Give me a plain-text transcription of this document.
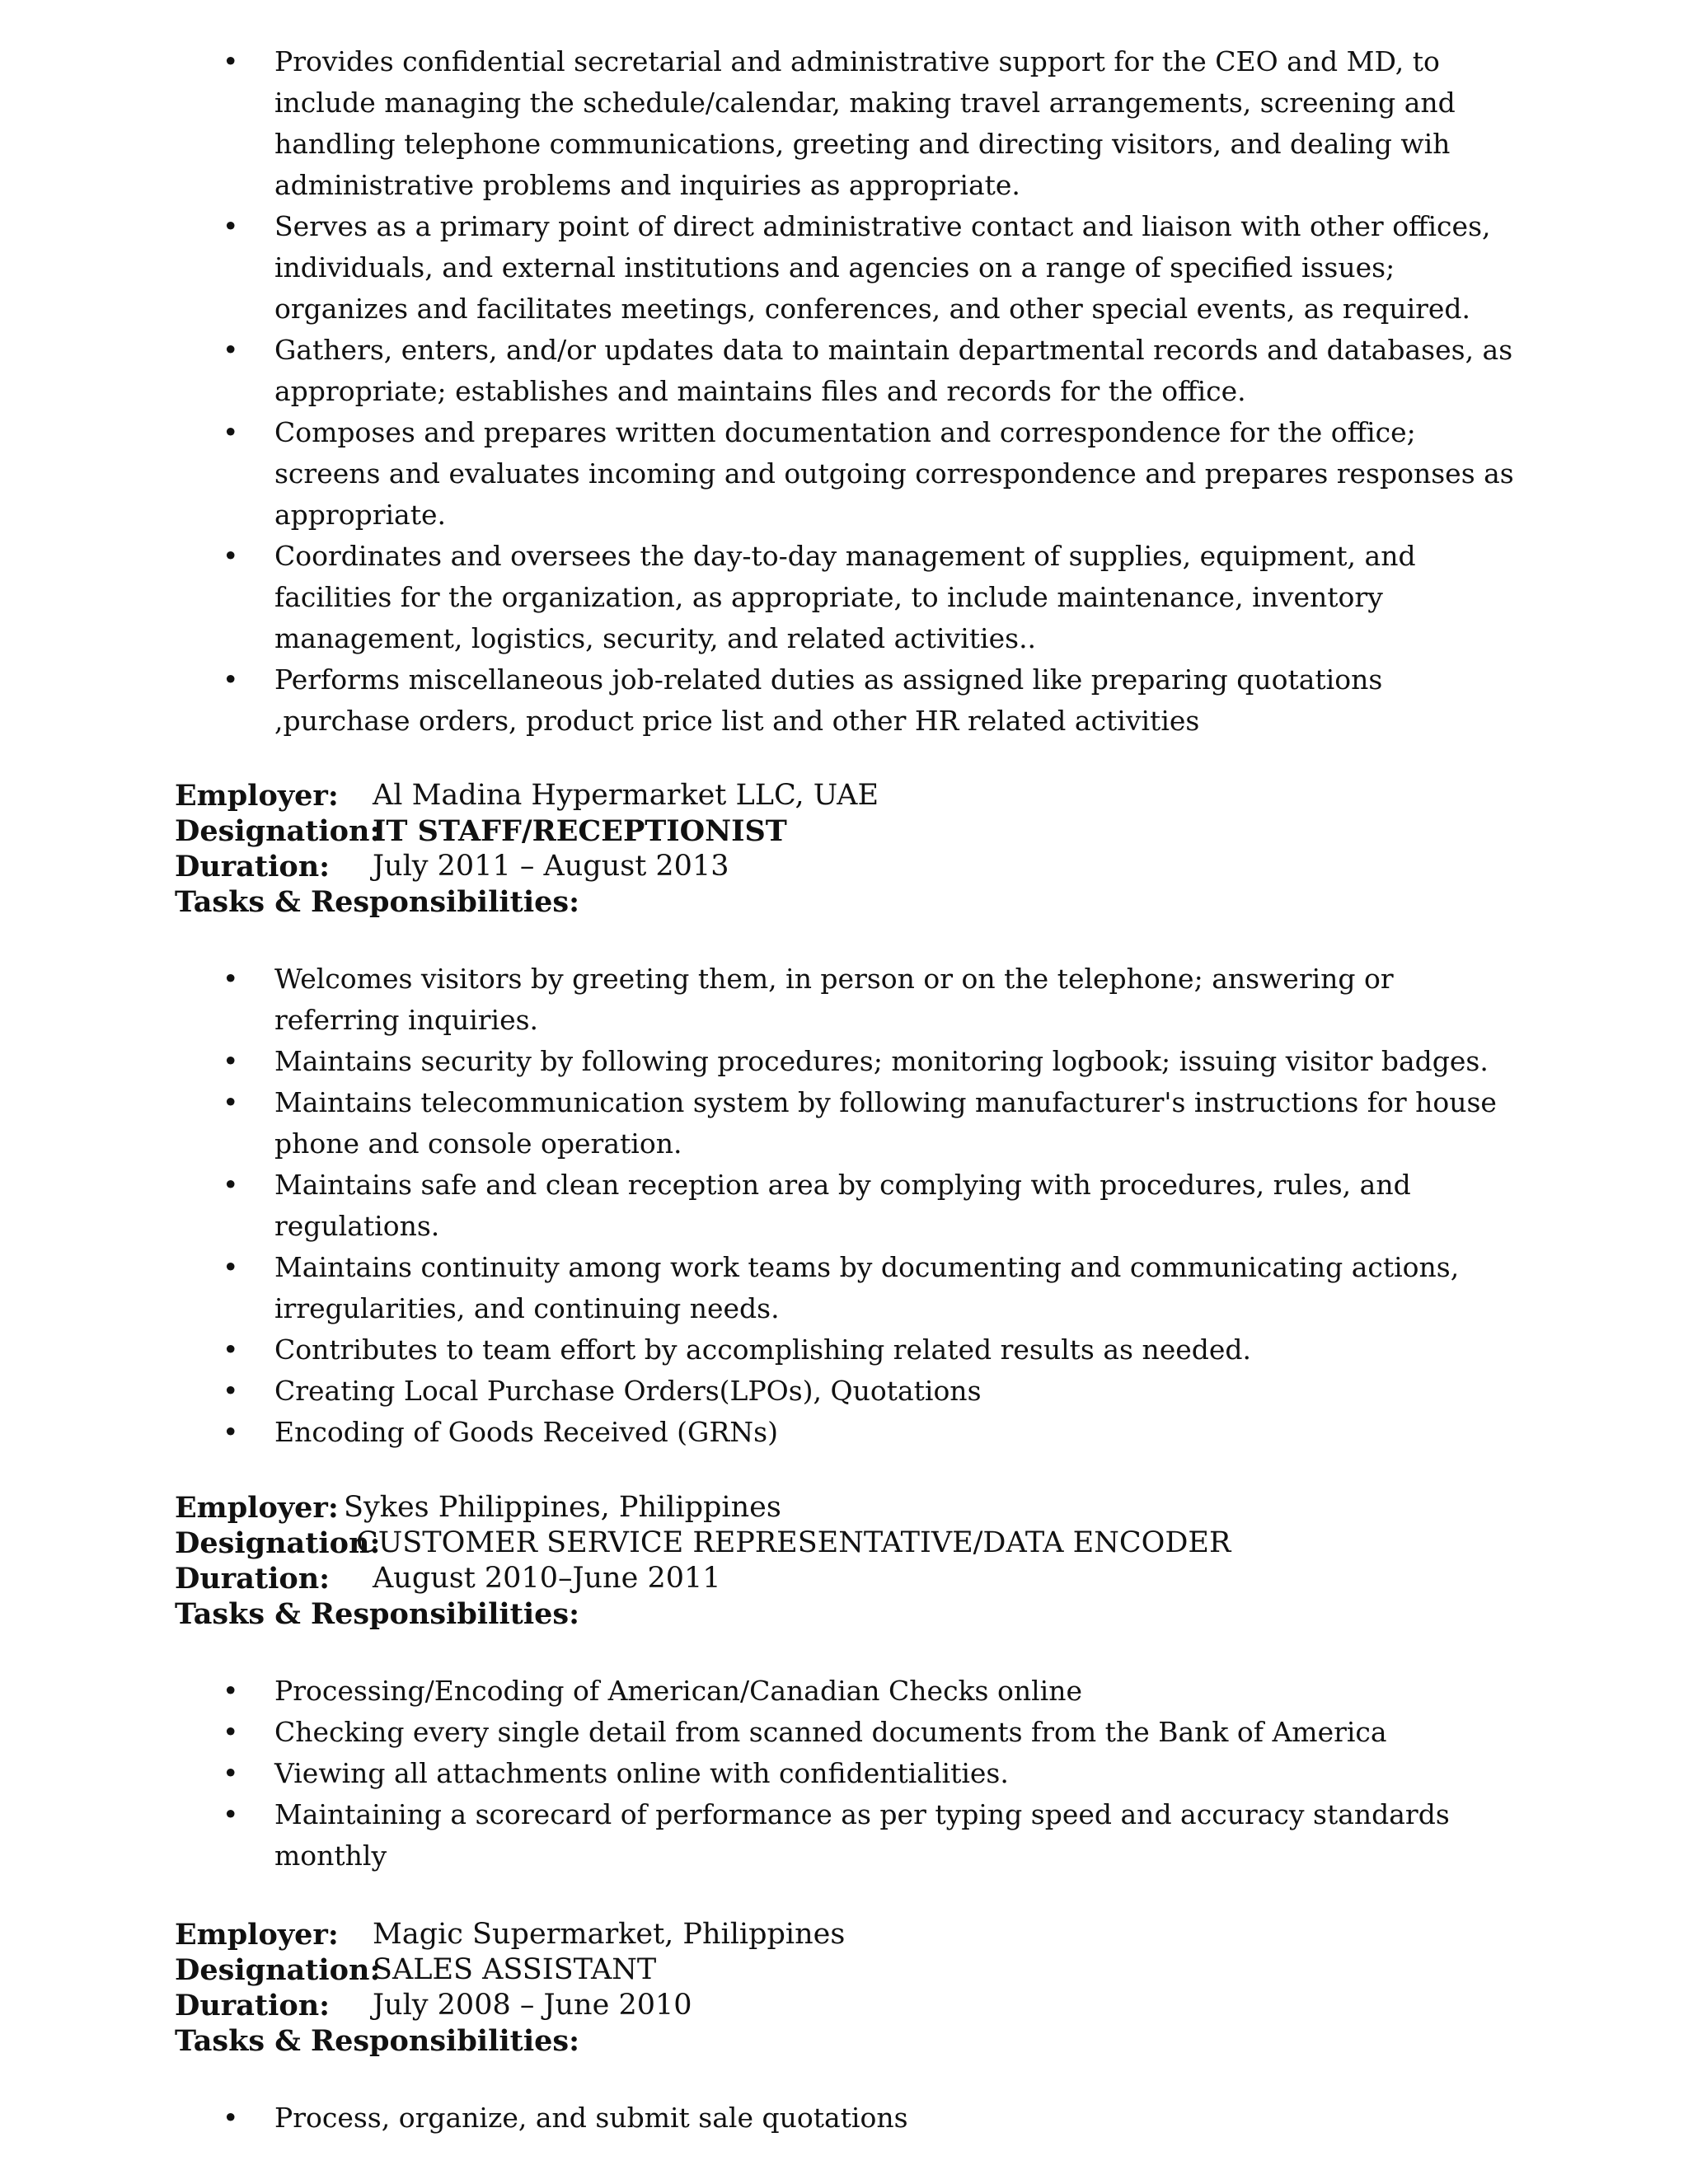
• Provides confidential secretarial and administrative support for the CEO and MD, to
include managing the schedule/calendar, making travel arrangements, screening and
handling telephone communications, greeting and directing visitors, and dealing wih
administrative problems and inquiries as appropriate.
• Serves as a primary point of direct administrative contact and liaison with other offices,
individuals, and external institutions and agencies on a range of specified issues;
organizes and facilitates meetings, conferences, and other special events, as required.
• Gathers, enters, and/or updates data to maintain departmental records and databases, as
appropriate; establishes and maintains files and records for the office.
• Composes and prepares written documentation and correspondence for the office;
screens and evaluates incoming and outgoing correspondence and prepares responses as
appropriate.
• Coordinates and oversees the day-to-day management of supplies, equipment, and
facilities for the organization, as appropriate, to include maintenance, inventory
management, logistics, security, and related activities..
• Performs miscellaneous job-related duties as assigned like preparing quotations
,purchase orders, product price list and other HR related activities
Employer: Al Madina Hypermarket LLC, UAE
Designation:
IT STAFF/RECEPTIONIST
Duration: July 2011 – August 2013
Tasks & Responsibilities:
• Welcomes visitors by greeting them, in person or on the telephone; answering or
referring inquiries.
• Maintains security by following procedures; monitoring logbook; issuing visitor badges.
• Maintains telecommunication system by following manufacturer's instructions for house
phone and console operation.
• Maintains safe and clean reception area by complying with procedures, rules, and
regulations.
• Maintains continuity among work teams by documenting and communicating actions,
irregularities, and continuing needs.
• Contributes to team effort by accomplishing related results as needed.
• Creating Local Purchase Orders(LPOs), Quotations
• Encoding of Goods Received (GRNs)
Employer: Sykes Philippines, Philippines
Designation:
CUSTOMER SERVICE REPRESENTATIVE/DATA ENCODER
Duration: August 2010–June 2011
Tasks & Responsibilities:
• Processing/Encoding of American/Canadian Checks online
• Checking every single detail from scanned documents from the Bank of America
• Viewing all attachments online with confidentialities.
• Maintaining a scorecard of performance as per typing speed and accuracy standards
monthly
Employer: Magic Supermarket, Philippines
Designation:
SALES ASSISTANT
Duration: July 2008 – June 2010
Tasks & Responsibilities:
• Process, organize, and submit sale quotations
